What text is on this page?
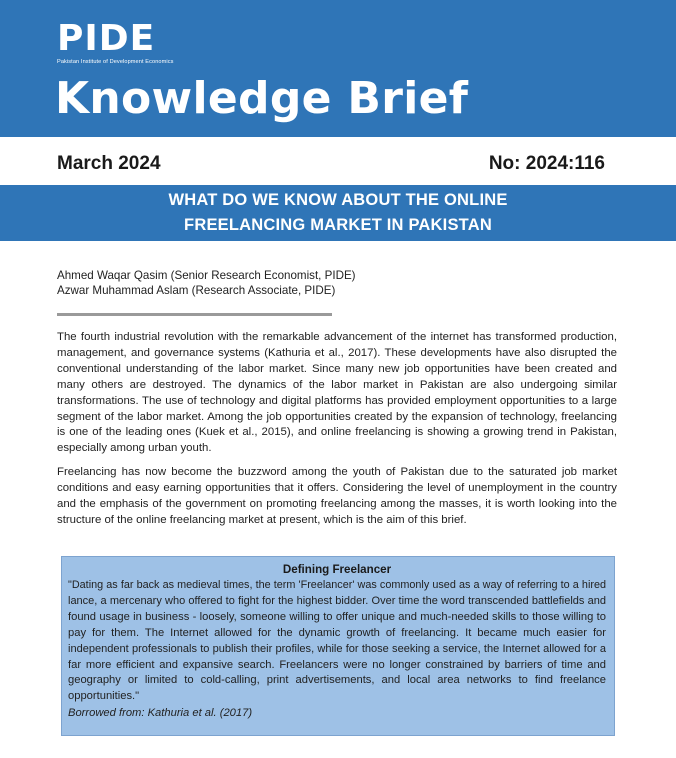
PIDE
Pakistan Institute of Development Economics
Knowledge Brief
March 2024	No: 2024:116
WHAT DO WE KNOW ABOUT THE ONLINE
FREELANCING MARKET IN PAKISTAN
Ahmed Waqar Qasim (Senior Research Economist, PIDE)
Azwar Muhammad Aslam (Research Associate, PIDE)
The fourth industrial revolution with the remarkable advancement of the internet has transformed production,
management, and governance systems (Kathuria et al., 2017). These developments have also disrupted the
conventional understanding of the labor market. Since many new job opportunities have been created and
many others are destroyed. The dynamics of the labor market in Pakistan are also undergoing similar
transformations. The use of technology and digital platforms has provided employment opportunities to a large
segment of the labor market. Among the job opportunities created by the expansion of technology, freelancing
is one of the leading ones (Kuek et al., 2015), and online freelancing is showing a growing trend in Pakistan,
especially among urban youth.
Freelancing has now become the buzzword among the youth of Pakistan due to the saturated job market
conditions and easy earning opportunities that it offers. Considering the level of unemployment in the country
and the emphasis of the government on promoting freelancing among the masses, it is worth looking into the
structure of the online freelancing market at present, which is the aim of this brief.
Defining Freelancer
"Dating as far back as medieval times, the term 'Freelancer' was commonly used as a way of referring to a hired
lance, a mercenary who offered to fight for the highest bidder. Over time the word transcended battlefields and
found usage in business - loosely, someone willing to offer unique and much-needed skills to those willing to
pay for them. The Internet allowed for the dynamic growth of freelancing. It became much easier for
independent professionals to publish their profiles, while for those seeking a service, the Internet allowed for a
far more efficient and expansive search. Freelancers were no longer constrained by barriers of time and
geography or limited to cold-calling, print advertisements, and local area networks to find freelance
opportunities."
Borrowed from: Kathuria et al. (2017)
